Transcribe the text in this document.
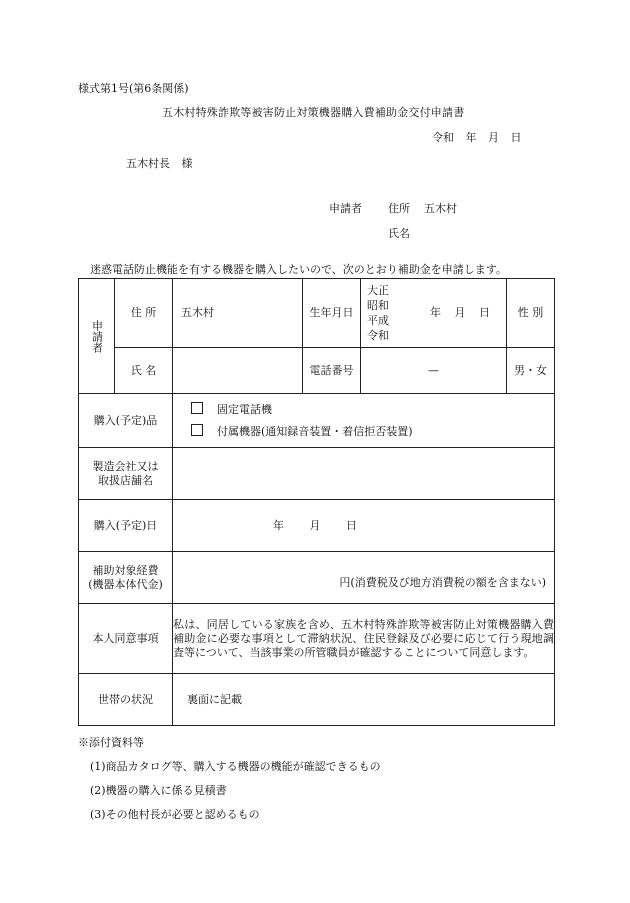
様式第1号(第6条関係)
五木村特殊詐欺等被害防止対策機器購入費補助金交付申請書
令和 年 月 日
五木村長 様
申請者 住所 五木村
氏名
迷惑電話防止機能を有する機器を購入したいので、次のとおり補助金を申請します。
申請者	住 所	五木村	生年月日	大正
昭和
平成
令和
年 月 日	性 別
	氏 名		電話番号	—	男・女
購入(予定)品		固定電話機
付属機器(通知録音装置・着信拒否装置)			

製造会社又は
取扱店舗名					

購入(予定)日		年 月 日			

補助対象経費
(機器本体代金)		円(消費税及び地方消費税の額を含まない)			
本人同意事項		私は、同居している家族を含め、五木村特殊詐欺等被害防止対策機器購入費補助金に必要な事項として滞納状況、住民登録及び必要に応じて行う現地調査等について、当該事業の所管職員が確認することについて同意します。			
世帯の状況		裏面に記載			
※添付資料等
(1)商品カタログ等、購入する機器の機能が確認できるもの
(2)機器の購入に係る見積書
(3)その他村長が必要と認めるもの
